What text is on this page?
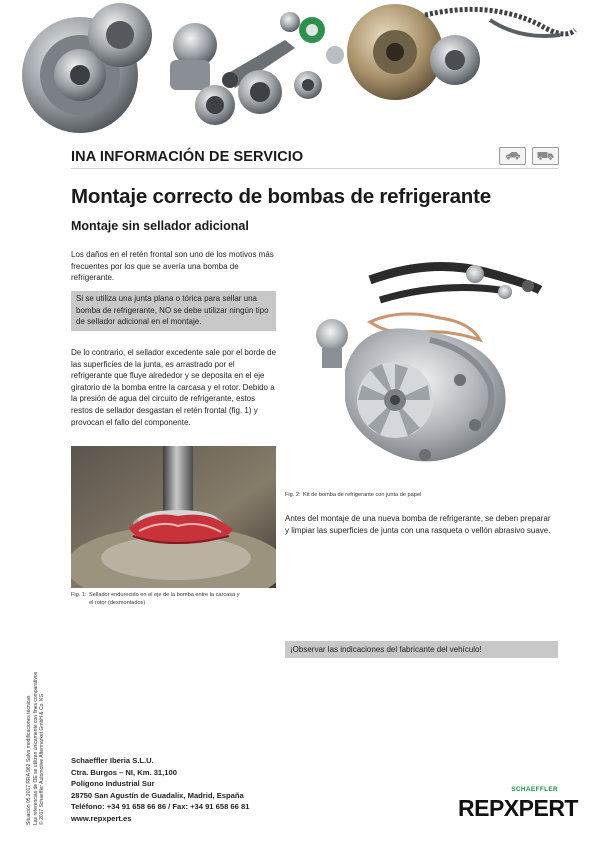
INA INFORMACIÓN DE SERVICIO
Montaje correcto de bombas de refrigerante
Montaje sin sellador adicional

Los daños en el retén frontal son uno de los motivos más frecuentes por los que se avería una bomba de refrigerante.

Si se utiliza una junta plana o tórica para sellar una bomba de refrigerante, NO se debe utilizar ningún tipo de sellador adicional en el montaje.

De lo contrario, el sellador excedente sale por el borde de las superficies de la junta, es arrastrado por el refrigerante que fluye alrededor y se deposita en el eje giratorio de la bomba entre la carcasa y el rotor. Debido a la presión de agua del circuito de refrigerante, estos restos de sellador desgastan el retén frontal (fig. 1) y provocan el fallo del componente.

Fig. 1: Sellador endurecido en el eje de la bomba entre la carcasa y
el rotor (desmontados)
Fig. 2: Kit de bomba de refrigerante con junta de papel

Antes del montaje de una nueva bomba de refrigerante, se deben preparar y limpiar las superficies de junta con una rasqueta o vellón abrasivo suave.

¡Observar las indicaciones del fabricante del vehículo!
Situación 05.2017 RRA 962 Salvo modificaciones técnicas Las referencias de OE se utilizan únicamente con fines comparativos © 2017 Schaeffler Automotive Aftermarket GmbH & Co. KG	Schaeffler Iberia S.L.U.
Ctra. Burgos – NI, Km. 31,100
Polígono Industrial Sur
28750 San Agustín de Guadalix, Madrid, España
Teléfono: +34 91 658 66 86 / Fax: +34 91 658 66 81
www.repxpert.es
SCHAEFFLER
REPXPERT
